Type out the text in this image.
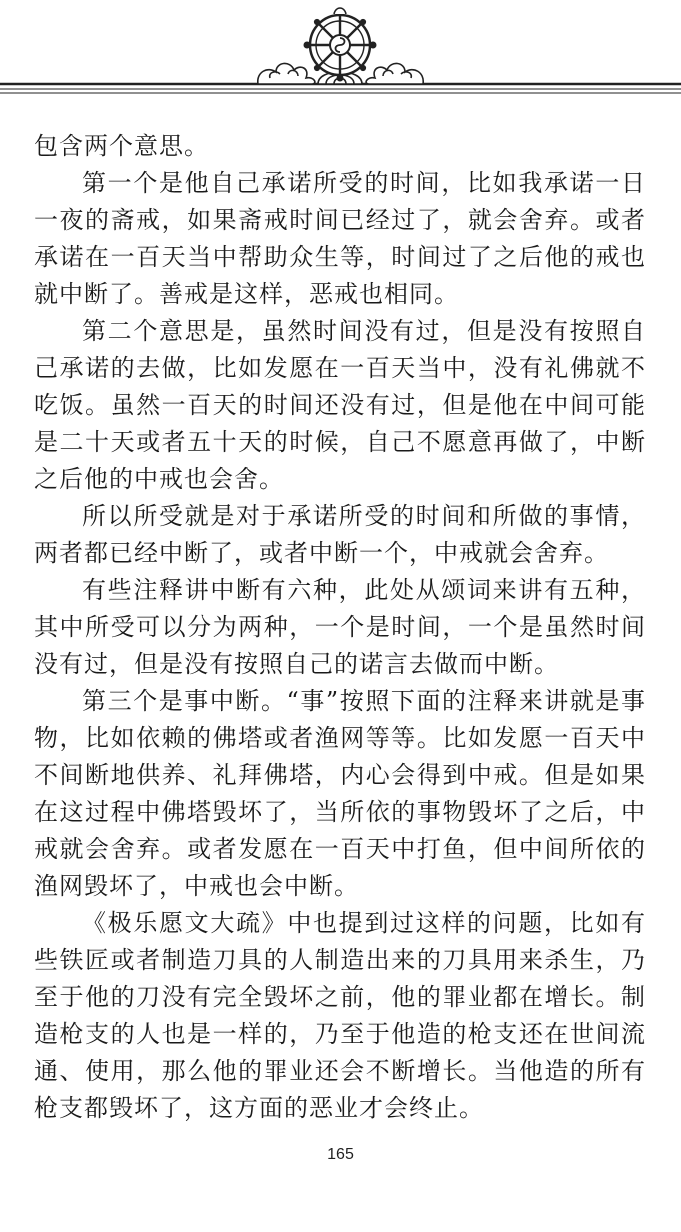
包含两个意思。

第一个是他自己承诺所受的时间，比如我承诺一日一夜的斋戒，如果斋戒时间已经过了，就会舍弃。或者承诺在一百天当中帮助众生等，时间过了之后他的戒也就中断了。善戒是这样，恶戒也相同。

第二个意思是，虽然时间没有过，但是没有按照自己承诺的去做，比如发愿在一百天当中，没有礼佛就不吃饭。虽然一百天的时间还没有过，但是他在中间可能是二十天或者五十天的时候，自己不愿意再做了，中断之后他的中戒也会舍。

所以所受就是对于承诺所受的时间和所做的事情，两者都已经中断了，或者中断一个，中戒就会舍弃。

有些注释讲中断有六种，此处从颂词来讲有五种，其中所受可以分为两种，一个是时间，一个是虽然时间没有过，但是没有按照自己的诺言去做而中断。

第三个是事中断。“事”按照下面的注释来讲就是事物，比如依赖的佛塔或者渔网等等。比如发愿一百天中不间断地供养、礼拜佛塔，内心会得到中戒。但是如果在这过程中佛塔毁坏了，当所依的事物毁坏了之后，中戒就会舍弃。或者发愿在一百天中打鱼，但中间所依的渔网毁坏了，中戒也会中断。

《极乐愿文大疏》中也提到过这样的问题，比如有些铁匠或者制造刀具的人制造出来的刀具用来杀生，乃至于他的刀没有完全毁坏之前，他的罪业都在增长。制造枪支的人也是一样的，乃至于他造的枪支还在世间流通、使用，那么他的罪业还会不断增长。当他造的所有枪支都毁坏了，这方面的恶业才会终止。

165
